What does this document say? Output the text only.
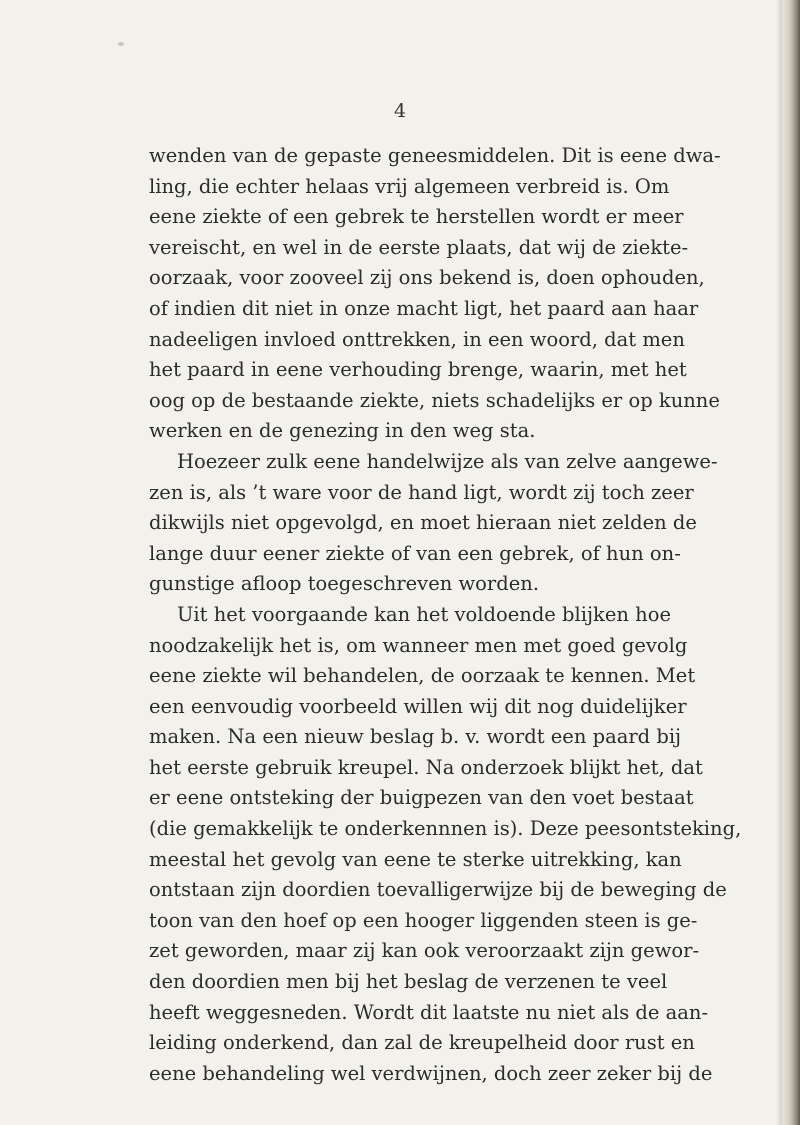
4
wenden van de gepaste geneesmiddelen. Dit is eene dwa-
ling, die echter helaas vrij algemeen verbreid is. Om
eene ziekte of een gebrek te herstellen wordt er meer
vereischt, en wel in de eerste plaats, dat wij de ziekte-
oorzaak, voor zooveel zij ons bekend is, doen ophouden,
of indien dit niet in onze macht ligt, het paard aan haar
nadeeligen invloed onttrekken, in een woord, dat men
het paard in eene verhouding brenge, waarin, met het
oog op de bestaande ziekte, niets schadelijks er op kunne
werken en de genezing in den weg sta.
Hoezeer zulk eene handelwijze als van zelve aangewe-
zen is, als ’t ware voor de hand ligt, wordt zij toch zeer
dikwijls niet opgevolgd, en moet hieraan niet zelden de
lange duur eener ziekte of van een gebrek, of hun on-
gunstige afloop toegeschreven worden.
Uit het voorgaande kan het voldoende blijken hoe
noodzakelijk het is, om wanneer men met goed gevolg
eene ziekte wil behandelen, de oorzaak te kennen. Met
een eenvoudig voorbeeld willen wij dit nog duidelijker
maken. Na een nieuw beslag b. v. wordt een paard bij
het eerste gebruik kreupel. Na onderzoek blijkt het, dat
er eene ontsteking der buigpezen van den voet bestaat
(die gemakkelijk te onderkennnen is). Deze peesontsteking,
meestal het gevolg van eene te sterke uitrekking, kan
ontstaan zijn doordien toevalligerwijze bij de beweging de
toon van den hoef op een hooger liggenden steen is ge-
zet geworden, maar zij kan ook veroorzaakt zijn gewor-
den doordien men bij het beslag de verzenen te veel
heeft weggesneden. Wordt dit laatste nu niet als de aan-
leiding onderkend, dan zal de kreupelheid door rust en
eene behandeling wel verdwijnen, doch zeer zeker bij de
